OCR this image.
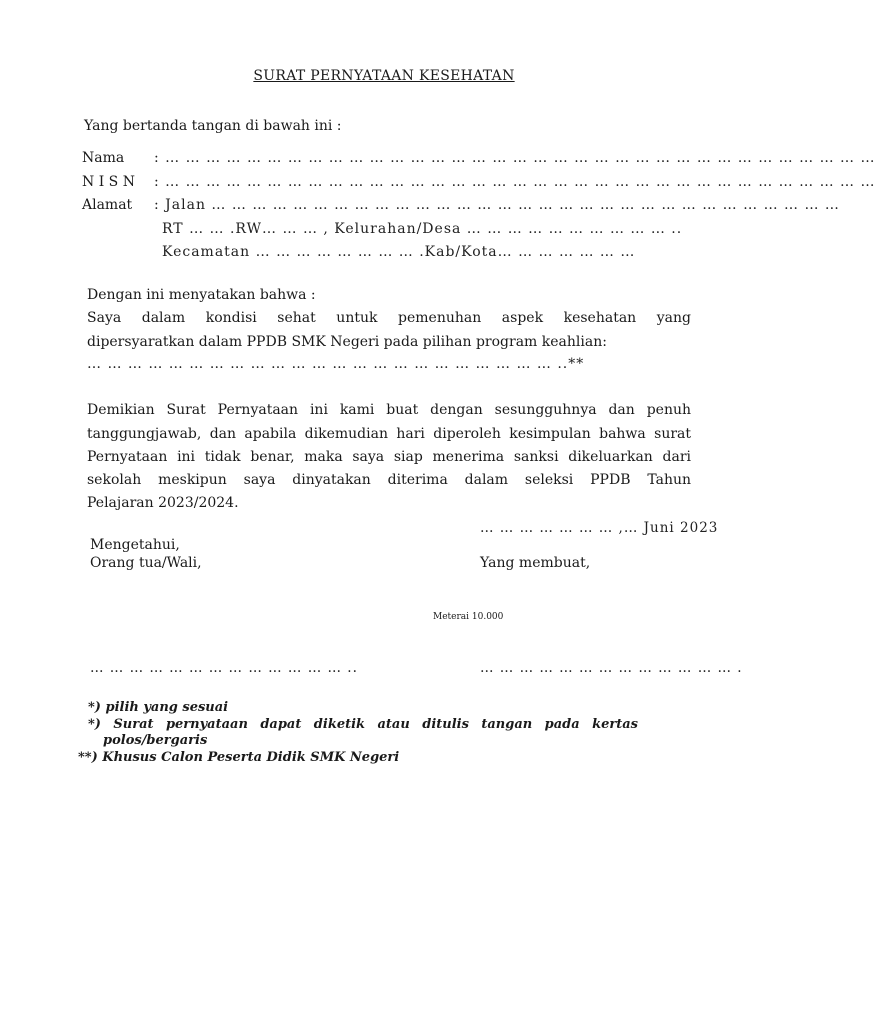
SURAT PERNYATAAN KESEHATAN
Yang bertanda tangan di bawah ini :
Nama : … … … … … … … … … … … … … … … … … … … … … … … … … … … … … … … … … … …
N I S N : … … … … … … … … … … … … … … … … … … … … … … … … … … … … … … … … … … …
Alamat : Jalan … … … … … … … … … … … … … … … … … … … … … … … … … … … … … … …
RT … … .RW… … … , Kelurahan/Desa … … … … … … … … … … ..
Kecamatan … … … … … … … … .Kab/Kota… … … … … … …
Dengan ini menyatakan bahwa :
Saya dalam kondisi sehat untuk pemenuhan aspek kesehatan yang
dipersyaratkan dalam PPDB SMK Negeri pada pilihan program keahlian:
… … … … … … … … … … … … … … … … … … … … … … … ..**
Demikian Surat Pernyataan ini kami buat dengan sesungguhnya dan penuh
tanggungjawab, dan apabila dikemudian hari diperoleh kesimpulan bahwa surat
Pernyataan ini tidak benar, maka saya siap menerima sanksi dikeluarkan dari
sekolah meskipun saya dinyatakan diterima dalam seleksi PPDB Tahun
Pelajaran 2023/2024.
… … … … … … … ,… Juni 2023
Mengetahui,
Orang tua/Wali,	Yang membuat,
Meterai 10.000
… … … … … … … … … … … … … ..	… … … … … … … … … … … … … .
*) pilih yang sesuai
*) Surat pernyataan dapat diketik atau ditulis tangan pada kertas
polos/bergaris
**) Khusus Calon Peserta Didik SMK Negeri
